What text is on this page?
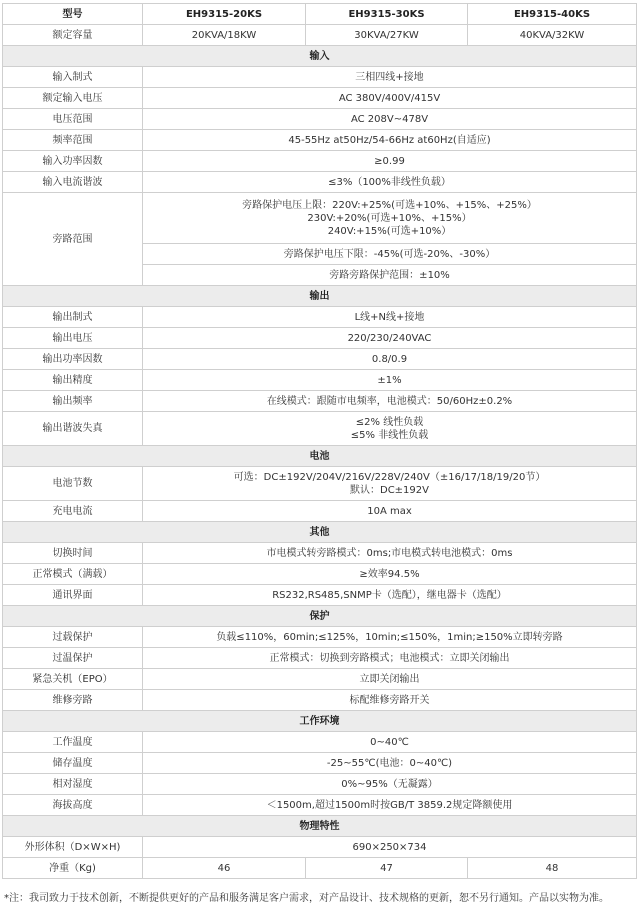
型号	EH9315-20KS	EH9315-30KS	EH9315-40KS
额定容量	20KVA/18KW	30KVA/27KW	40KVA/32KW
输入			
输入制式	三相四线+接地		
额定输入电压	AC 380V/400V/415V		
电压范围	AC 208V~478V		
频率范围	45-55Hz at50Hz/54-66Hz at60Hz(自适应)		
输入功率因数	≥0.99		
输入电流谐波	≤3%（100%非线性负载）		
旁路范围	旁路保护电压上限：220V:+25%(可选+10%、+15%、+25%）
230V:+20%(可选+10%、+15%）
240V:+15%(可选+10%）		

	旁路保护电压下限：-45%(可选-20%、-30%）		
	旁路旁路保护范围：±10%		
输出			
输出制式	L线+N线+接地		
输出电压	220/230/240VAC		
输出功率因数	0.8/0.9		
输出精度	±1%		
输出频率	在线模式：跟随市电频率，电池模式：50/60Hz±0.2%		
输出谐波失真	≤2% 线性负载
≤5% 非线性负载		

电池			
电池节数	可选：DC±192V/204V/216V/228V/240V（±16/17/18/19/20节）
默认：DC±192V		

充电电流	10A max		
其他			
切换时间	市电模式转旁路模式：0ms;市电模式转电池模式：0ms		
正常模式（满载）	≥效率94.5%		
通讯界面	RS232,RS485,SNMP卡（选配），继电器卡（选配）		
保护			
过载保护	负载≤110%，60min;≤125%，10min;≤150%，1min;≥150%立即转旁路		
过温保护	正常模式：切换到旁路模式；电池模式：立即关闭输出		
紧急关机（EPO）	立即关闭输出		
维修旁路	标配维修旁路开关		
工作环境			
工作温度	0~40℃		
储存温度	-25~55℃(电池：0~40℃)		
相对湿度	0%~95%（无凝露）		
海拔高度	＜1500m,超过1500m时按GB/T 3859.2规定降额使用		
物理特性			
外形体积（D×W×H)	690×250×734		
净重（Kg)	46	47	48
*注：我司致力于技术创新，不断提供更好的产品和服务满足客户需求，对产品设计、技术规格的更新，恕不另行通知。产品以实物为准。
